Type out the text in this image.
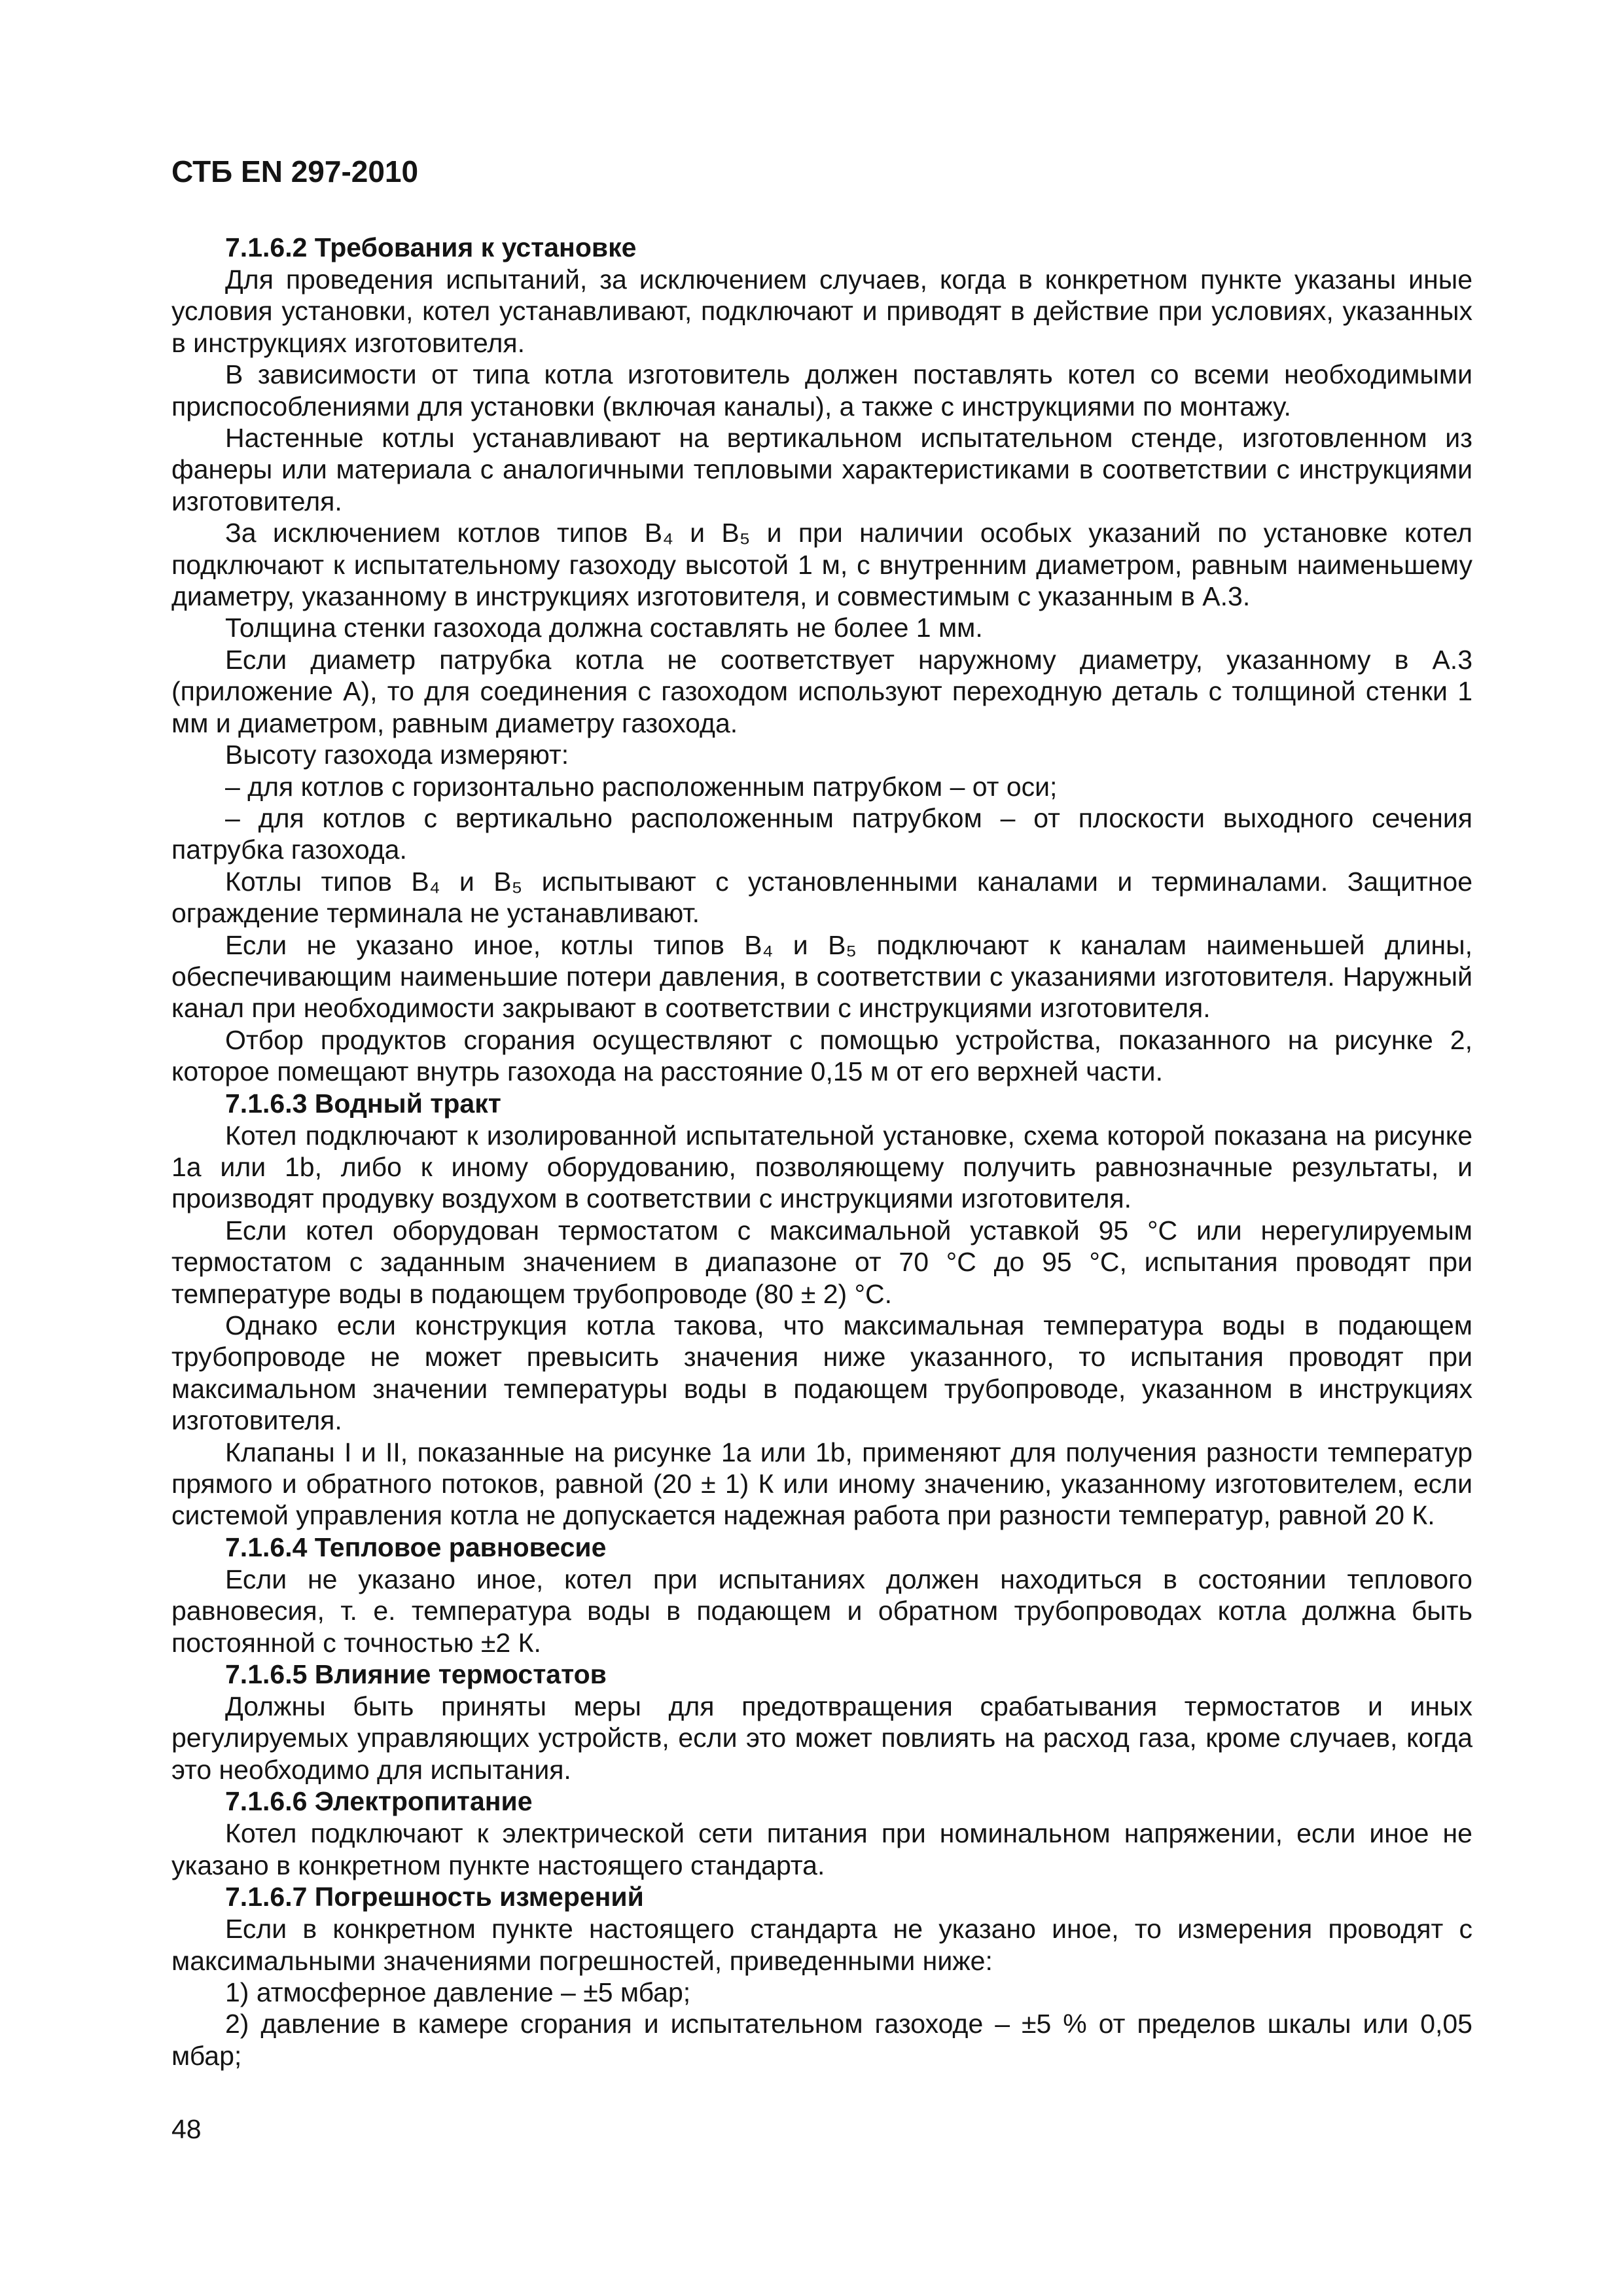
СТБ EN 297-2010
7.1.6.2 Требования к установке

Для проведения испытаний, за исключением случаев, когда в конкретном пункте указаны иные условия установки, котел устанавливают, подключают и приводят в действие при условиях, указанных в инструкциях изготовителя.

В зависимости от типа котла изготовитель должен поставлять котел со всеми необходимыми приспособлениями для установки (включая каналы), а также с инструкциями по монтажу.

Настенные котлы устанавливают на вертикальном испытательном стенде, изготовленном из фанеры или материала с аналогичными тепловыми характеристиками в соответствии с инструкциями изготовителя.

За исключением котлов типов B₄ и B₅ и при наличии особых указаний по установке котел подключают к испытательному газоходу высотой 1 м, с внутренним диаметром, равным наименьшему диаметру, указанному в инструкциях изготовителя, и совместимым с указанным в А.3.

Толщина стенки газохода должна составлять не более 1 мм.

Если диаметр патрубка котла не соответствует наружному диаметру, указанному в А.3 (приложение А), то для соединения с газоходом используют переходную деталь с толщиной стенки 1 мм и диаметром, равным диаметру газохода.

Высоту газохода измеряют:

– для котлов с горизонтально расположенным патрубком – от оси;

– для котлов с вертикально расположенным патрубком – от плоскости выходного сечения патрубка газохода.

Котлы типов B₄ и B₅ испытывают с установленными каналами и терминалами. Защитное ограждение терминала не устанавливают.

Если не указано иное, котлы типов B₄ и B₅ подключают к каналам наименьшей длины, обеспечивающим наименьшие потери давления, в соответствии с указаниями изготовителя. Наружный канал при необходимости закрывают в соответствии с инструкциями изготовителя.

Отбор продуктов сгорания осуществляют с помощью устройства, показанного на рисунке 2, которое помещают внутрь газохода на расстояние 0,15 м от его верхней части.

7.1.6.3 Водный тракт

Котел подключают к изолированной испытательной установке, схема которой показана на рисунке 1a или 1b, либо к иному оборудованию, позволяющему получить равнозначные результаты, и производят продувку воздухом в соответствии с инструкциями изготовителя.

Если котел оборудован термостатом с максимальной уставкой 95 °С или нерегулируемым термостатом с заданным значением в диапазоне от 70 °С до 95 °С, испытания проводят при температуре воды в подающем трубопроводе (80 ± 2) °С.

Однако если конструкция котла такова, что максимальная температура воды в подающем трубопроводе не может превысить значения ниже указанного, то испытания проводят при максимальном значении температуры воды в подающем трубопроводе, указанном в инструкциях изготовителя.

Клапаны I и II, показанные на рисунке 1a или 1b, применяют для получения разности температур прямого и обратного потоков, равной (20 ± 1) К или иному значению, указанному изготовителем, если системой управления котла не допускается надежная работа при разности температур, равной 20 К.

7.1.6.4 Тепловое равновесие

Если не указано иное, котел при испытаниях должен находиться в состоянии теплового равновесия, т. е. температура воды в подающем и обратном трубопроводах котла должна быть постоянной с точностью ±2 К.

7.1.6.5 Влияние термостатов

Должны быть приняты меры для предотвращения срабатывания термостатов и иных регулируемых управляющих устройств, если это может повлиять на расход газа, кроме случаев, когда это необходимо для испытания.

7.1.6.6 Электропитание

Котел подключают к электрической сети питания при номинальном напряжении, если иное не указано в конкретном пункте настоящего стандарта.

7.1.6.7 Погрешность измерений

Если в конкретном пункте настоящего стандарта не указано иное, то измерения проводят с максимальными значениями погрешностей, приведенными ниже:

1) атмосферное давление – ±5 мбар;

2) давление в камере сгорания и испытательном газоходе – ±5 % от пределов шкалы или 0,05 мбар;

48
